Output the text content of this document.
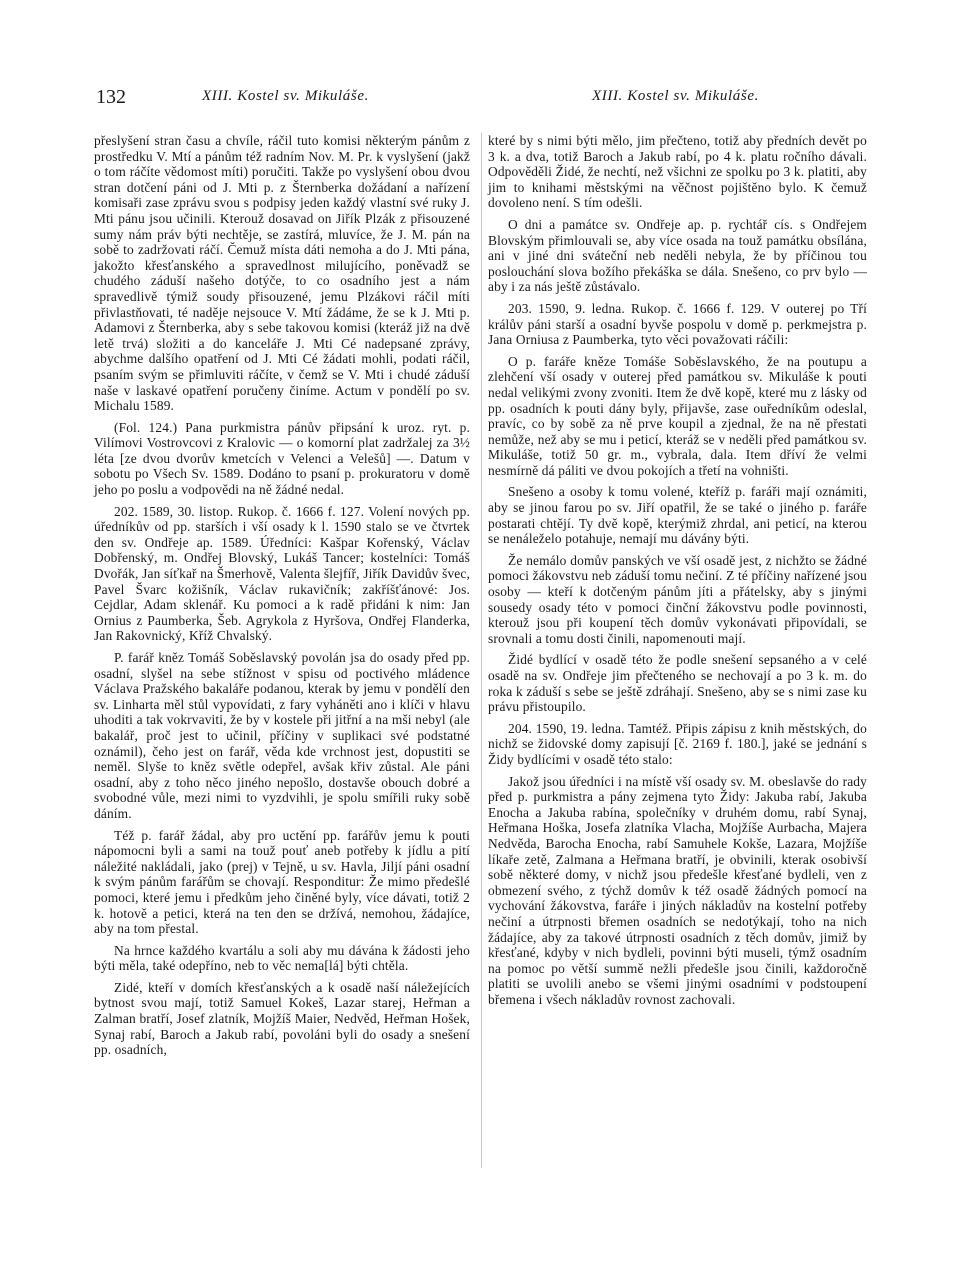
132	XIII. Kostel sv. Mikuláše.	XIII. Kostel sv. Mikuláše.

přeslyšení stran času a chvíle, ráčil tuto komisi některým pánům z prostředku V. Mtí a pánům též radním Nov. M. Pr. k vyslyšení (jakž o tom ráčíte vědomost míti) poručiti. Takže po vyslyšení obou dvou stran dotčení páni od J. Mti p. z Šternberka dožádaní a nařízení komisaři zase zprávu svou s podpisy jeden každý vlastní své ruky J. Mti pánu jsou učinili. Kterouž dosavad on Jiřík Plzák z přisouzené sumy nám práv býti nechtěje, se zastírá, mluvíce, že J. M. pán na sobě to zadržovati ráčí. Čemuž místa dáti nemoha a do J. Mti pána, jakožto křesťanského a spravedlnost milujícího, poněvadž se chudého záduší našeho dotýče, to co osadního jest a nám spravedlivě týmiž soudy přisouzené, jemu Plzákovi ráčil míti přivlastňovati, té naděje nejsouce V. Mtí žádáme, že se k J. Mti p. Adamovi z Šternberka, aby s sebe takovou komisi (kteráž již na dvě letě trvá) složiti a do kanceláře J. Mti Cé nadepsané zprávy, abychme dalšího opatření od J. Mti Cé žádati mohli, podati ráčil, psaním svým se přimluviti ráčíte, v čemž se V. Mti i chudé záduší naše v laskavé opatření poručeny činíme. Actum v pondělí po sv. Michalu 1589.

(Fol. 124.) Pana purkmistra pánův připsání k uroz. ryt. p. Vilímovi Vostrovcovi z Kralovic — o komorní plat zadržalej za 3½ léta [ze dvou dvorův kmetcích v Velenci a Velešů] —. Datum v sobotu po Všech Sv. 1589. Dodáno to psaní p. prokuratoru v domě jeho po poslu a vodpovědi na ně žádné nedal.

202. 1589, 30. listop. Rukop. č. 1666 f. 127. Volení nových pp. úředníkův od pp. starších i vší osady k l. 1590 stalo se ve čtvrtek den sv. Ondřeje ap. 1589. Úředníci: Kašpar Kořenský, Václav Dobřenský, m. Ondřej Blovský, Lukáš Tancer; kostelníci: Tomáš Dvořák, Jan síťkař na Šmerhově, Valenta šlejfíř, Jiřík Davidův švec, Pavel Švarc kožišník, Václav rukavičník; zakříšťánové: Jos. Cejdlar, Adam sklenář. Ku pomoci a k radě přidáni k nim: Jan Ornius z Paumberka, Šeb. Agrykola z Hyršova, Ondřej Flanderka, Jan Rakovnický, Kříž Chvalský.

P. farář kněz Tomáš Soběslavský povolán jsa do osady před pp. osadní, slyšel na sebe stížnost v spisu od poctivého mládence Václava Pražského bakaláře podanou, kterak by jemu v pondělí den sv. Linharta měl stůl vypovídati, z fary vyháněti ano i klíči v hlavu uhoditi a tak vokrvaviti, že by v kostele při jitřní a na mši nebyl (ale bakalář, proč jest to učinil, příčiny v suplikaci své podstatné oznámil), čeho jest on farář, věda kde vrchnost jest, dopustiti se neměl. Slyše to kněz světle odepřel, avšak křiv zůstal. Ale páni osadní, aby z toho něco jiného nepošlo, dostavše obouch dobré a svobodné vůle, mezi nimi to vyzdvihli, je spolu smířili ruky sobě dáním.

Též p. farář žádal, aby pro uctění pp. farářův jemu k pouti nápomocni byli a sami na touž pouť aneb potřeby k jídlu a pití náležité nakládali, jako (prej) v Tejně, u sv. Havla, Jiljí páni osadní k svým pánům farářům se chovají. Responditur: Že mimo předešlé pomoci, které jemu i předkům jeho činěné byly, více dávati, totiž 2 k. hotově a petici, která na ten den se držívá, nemohou, žádajíce, aby na tom přestal.

Na hrnce každého kvartálu a soli aby mu dávána k žádosti jeho býti měla, také odepříno, neb to věc nema[lá] býti chtěla.

Zidé, kteří v domích křesťanských a k osadě naší náležejících bytnost svou mají, totiž Samuel Kokeš, Lazar starej, Heřman a Zalman bratří, Josef zlatník, Mojžíš Maier, Nedvěd, Heřman Hošek, Synaj rabí, Baroch a Jakub rabí, povoláni byli do osady a snešení pp. osadních,

které by s nimi býti mělo, jim přečteno, totiž aby předních devět po 3 k. a dva, totiž Baroch a Jakub rabí, po 4 k. platu ročního dávali. Odpověděli Židé, že nechtí, než všichni ze spolku po 3 k. platiti, aby jim to knihami městskými na věčnost pojištěno bylo. K čemuž dovoleno není. S tím odešli.

O dni a památce sv. Ondřeje ap. p. rychtář cís. s Ondřejem Blovským přimlouvali se, aby více osada na touž památku obsílána, ani v jiné dni sváteční neb neděli nebyla, že by příčinou tou poslouchání slova božího překáška se dála. Snešeno, co prv bylo — aby i za nás ještě zůstávalo.

203. 1590, 9. ledna. Rukop. č. 1666 f. 129. V outerej po Tří králův páni starší a osadní byvše pospolu v domě p. perkmejstra p. Jana Orniusa z Paumberka, tyto věci považovati ráčili:

O p. faráře kněze Tomáše Soběslavského, že na poutupu a zlehčení vší osady v outerej před památkou sv. Mikuláše k pouti nedal velikými zvony zvoniti. Item že dvě kopě, které mu z lásky od pp. osadních k pouti dány byly, přijavše, zase ouředníkům odeslal, pravíc, co by sobě za ně prve koupil a zjednal, že na ně přestati nemůže, než aby se mu i peticí, kteráž se v neděli před památkou sv. Mikuláše, totiž 50 gr. m., vybrala, dala. Item dříví že velmi nesmírně dá páliti ve dvou pokojích a třetí na vohništi.

Snešeno a osoby k tomu volené, kteříž p. faráři mají oznámiti, aby se jinou farou po sv. Jiří opatřil, že se také o jiného p. faráře postarati chtějí. Ty dvě kopě, kterýmiž zhrdal, ani peticí, na kterou se nenáleželo potahuje, nemají mu dávány býti.

Že nemálo domův panských ve vší osadě jest, z nichžto se žádné pomoci žákovstvu neb záduší tomu nečiní. Z té příčiny nařízené jsou osoby — kteří k dotčeným pánům jíti a přátelsky, aby s jinými sousedy osady této v pomoci činční žákovstvu podle povinnosti, kterouž jsou při koupení těch domův vykonávati připovídali, se srovnali a tomu dosti činili, napomenouti mají.

Židé bydlící v osadě této že podle snešení sepsaného a v celé osadě na sv. Ondřeje jim přečteného se nechovají a po 3 k. m. do roka k záduší s sebe se ještě zdráhají. Snešeno, aby se s nimi zase ku právu přistoupilo.

204. 1590, 19. ledna. Tamtéž. Připis zápisu z knih městských, do nichž se židovské domy zapisují [č. 2169 f. 180.], jaké se jednání s Židy bydlícími v osadě této stalo:

Jakož jsou úředníci i na místě vší osady sv. M. obeslavše do rady před p. purkmistra a pány zejmena tyto Židy: Jakuba rabí, Jakuba Enocha a Jakuba rabína, společníky v druhém domu, rabí Synaj, Heřmana Hoška, Josefa zlatníka Vlacha, Mojžíše Aurbacha, Majera Nedvěda, Barocha Enocha, rabí Samuhele Kokše, Lazara, Mojžíše líkaře zetě, Zalmana a Heřmana bratří, je obvinili, kterak osobivší sobě některé domy, v nichž jsou předešle křesťané bydleli, ven z obmezení svého, z týchž domův k též osadě žádných pomocí na vychování žákovstva, faráře i jiných nákladův na kostelní potřeby nečiní a útrpnosti břemen osadních se nedotýkají, toho na nich žádajíce, aby za takové útrpnosti osadních z těch domův, jimiž by křesťané, kdyby v nich bydleli, povinni býti museli, týmž osadním na pomoc po větší summě nežli předešle jsou činili, každoročně platiti se uvolili anebo se všemi jinými osadními v podstoupení břemena i všech nákladův rovnost zachovali.
